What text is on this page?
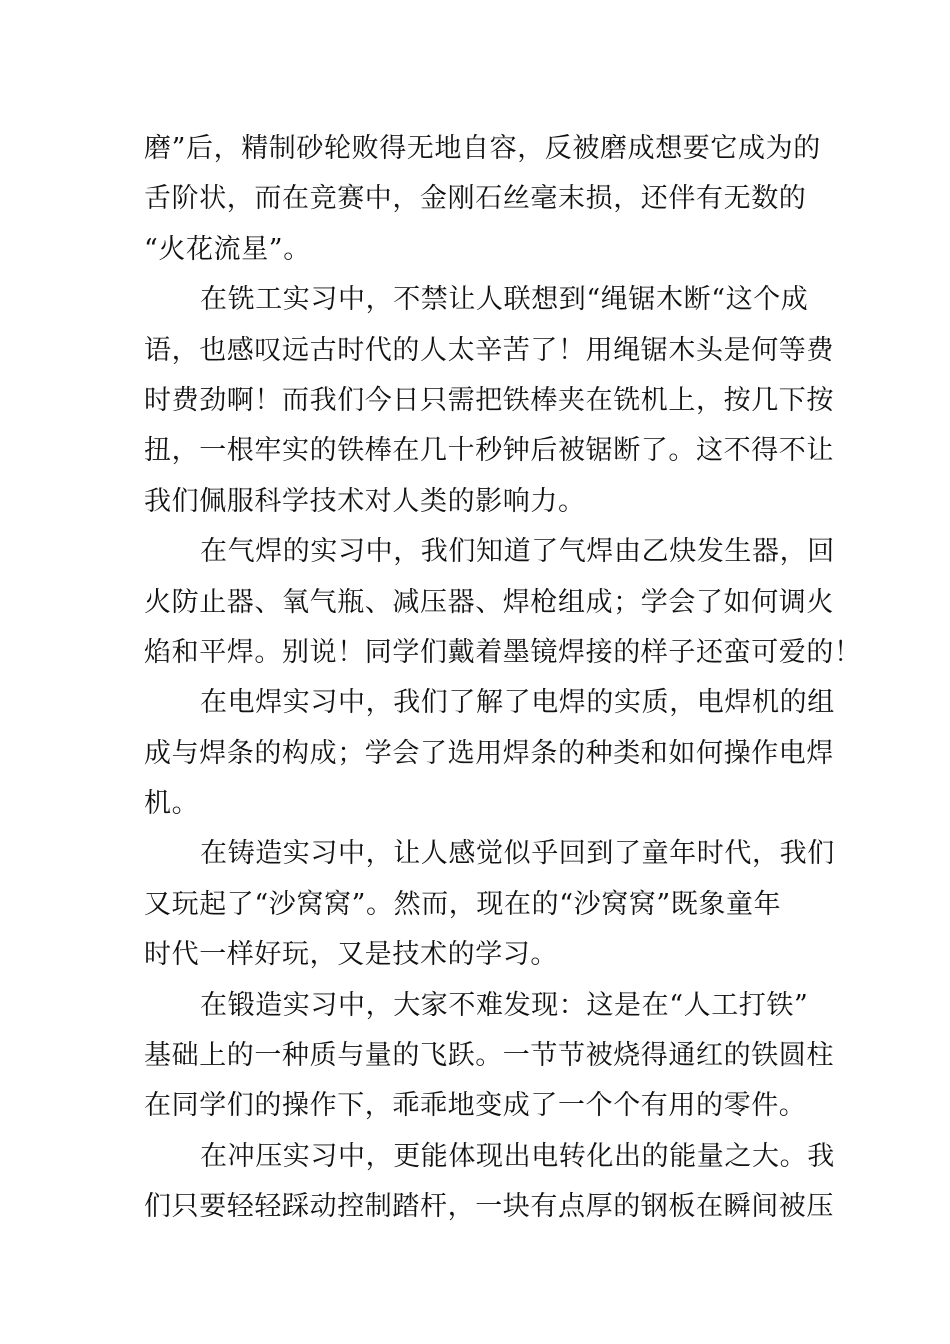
磨”后，精制砂轮败得无地自容，反被磨成想要它成为的
舌阶状，而在竞赛中，金刚石丝毫末损，还伴有无数的
“火花流星”。
在铣工实习中，不禁让人联想到“绳锯木断“这个成
语，也感叹远古时代的人太辛苦了！用绳锯木头是何等费
时费劲啊！而我们今日只需把铁棒夹在铣机上，按几下按
扭，一根牢实的铁棒在几十秒钟后被锯断了。这不得不让
我们佩服科学技术对人类的影响力。
在气焊的实习中，我们知道了气焊由乙炔发生器，回
火防止器、氧气瓶、减压器、焊枪组成；学会了如何调火
焰和平焊。别说！同学们戴着墨镜焊接的样子还蛮可爱的！
在电焊实习中，我们了解了电焊的实质，电焊机的组
成与焊条的构成；学会了选用焊条的种类和如何操作电焊
机。
在铸造实习中，让人感觉似乎回到了童年时代，我们
又玩起了“沙窝窝”。然而，现在的“沙窝窝”既象童年
时代一样好玩，又是技术的学习。
在锻造实习中，大家不难发现：这是在“人工打铁”
基础上的一种质与量的飞跃。一节节被烧得通红的铁圆柱
在同学们的操作下，乖乖地变成了一个个有用的零件。
在冲压实习中，更能体现出电转化出的能量之大。我
们只要轻轻踩动控制踏杆，一块有点厚的钢板在瞬间被压
